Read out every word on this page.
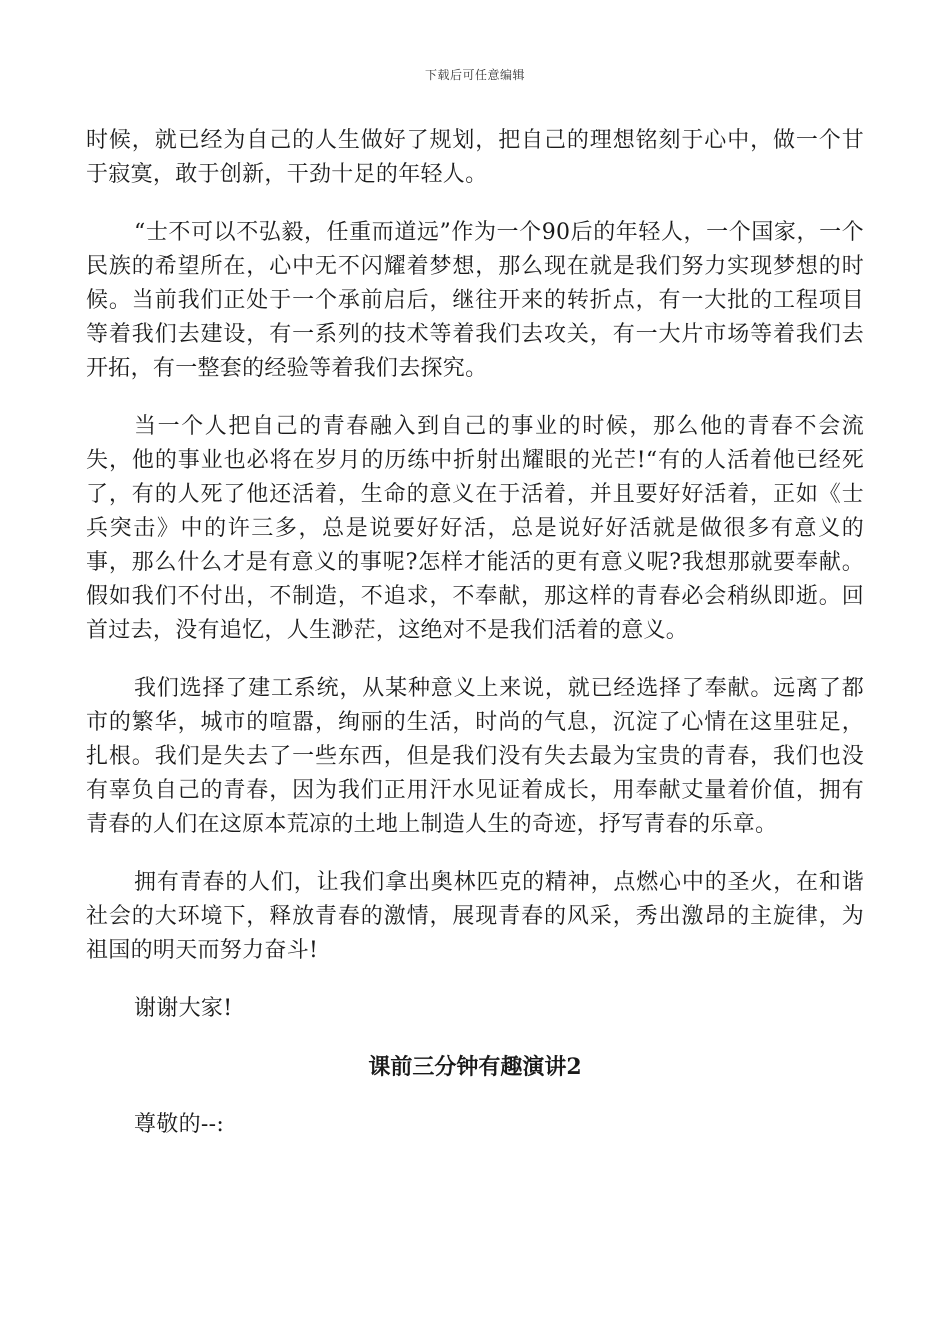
下载后可任意编辑

时候，就已经为自己的人生做好了规划，把自己的理想铭刻于心中，做一个甘于寂寞，敢于创新，干劲十足的年轻人。

“士不可以不弘毅，任重而道远”作为一个90后的年轻人，一个国家，一个民族的希望所在，心中无不闪耀着梦想，那么现在就是我们努力实现梦想的时候。当前我们正处于一个承前启后，继往开来的转折点，有一大批的工程项目等着我们去建设，有一系列的技术等着我们去攻关，有一大片市场等着我们去开拓，有一整套的经验等着我们去探究。

当一个人把自己的青春融入到自己的事业的时候，那么他的青春不会流失，他的事业也必将在岁月的历练中折射出耀眼的光芒!“有的人活着他已经死了，有的人死了他还活着，生命的意义在于活着，并且要好好活着，正如《士兵突击》中的许三多，总是说要好好活，总是说好好活就是做很多有意义的事，那么什么才是有意义的事呢?怎样才能活的更有意义呢?我想那就要奉献。假如我们不付出，不制造，不追求，不奉献，那这样的青春必会稍纵即逝。回首过去，没有追忆，人生渺茫，这绝对不是我们活着的意义。

我们选择了建工系统，从某种意义上来说，就已经选择了奉献。远离了都市的繁华，城市的喧嚣，绚丽的生活，时尚的气息，沉淀了心情在这里驻足，扎根。我们是失去了一些东西，但是我们没有失去最为宝贵的青春，我们也没有辜负自己的青春，因为我们正用汗水见证着成长，用奉献丈量着价值，拥有青春的人们在这原本荒凉的土地上制造人生的奇迹，抒写青春的乐章。

拥有青春的人们，让我们拿出奥林匹克的精神，点燃心中的圣火，在和谐社会的大环境下，释放青春的激情，展现青春的风采，秀出激昂的主旋律，为祖国的明天而努力奋斗!

谢谢大家!

课前三分钟有趣演讲2

尊敬的--:
